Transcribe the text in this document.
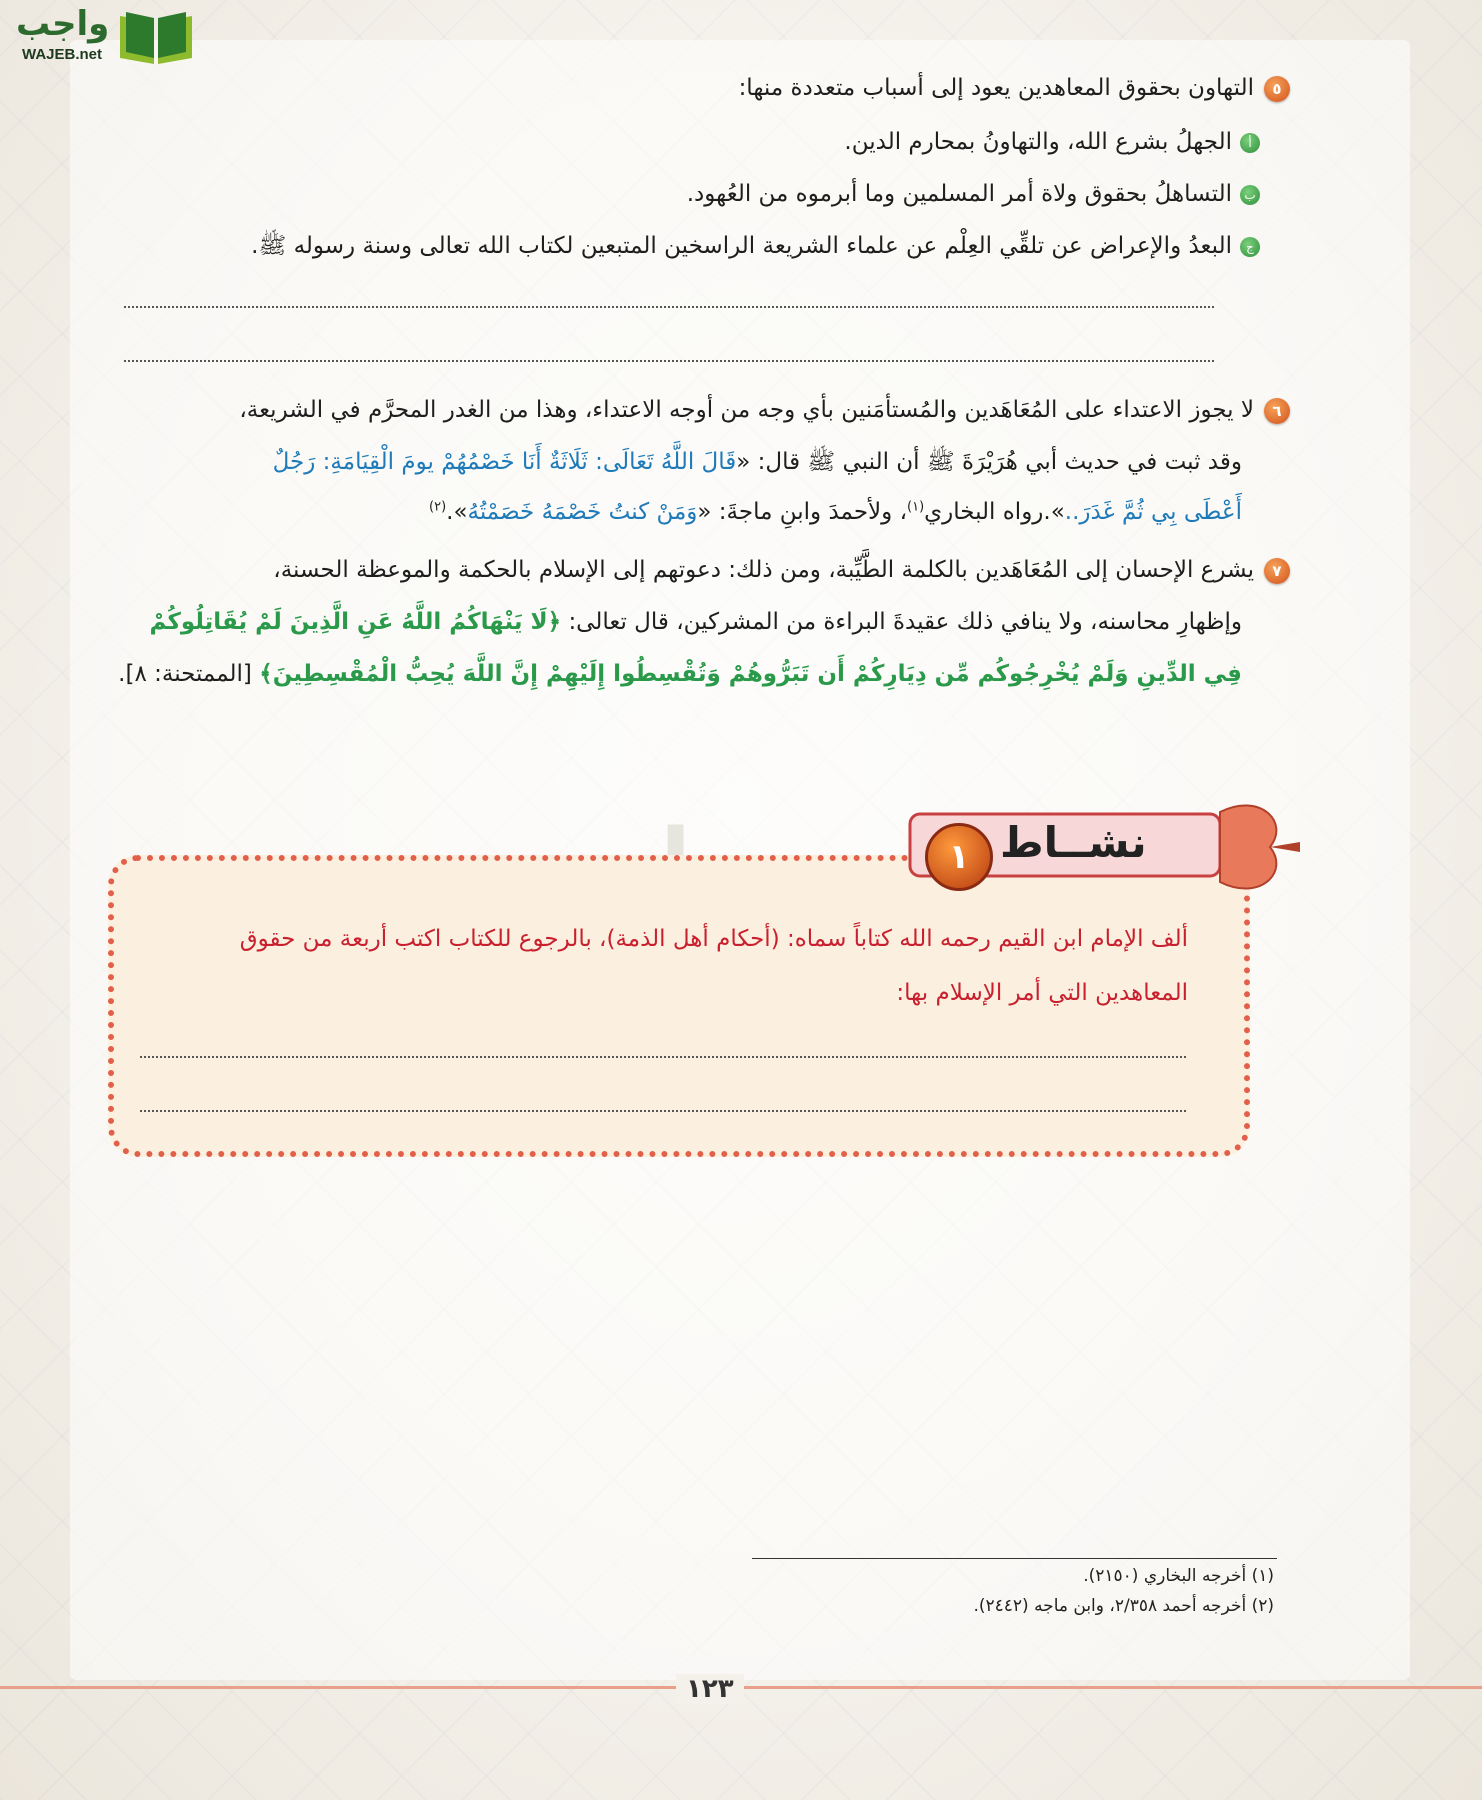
واجب
WAJEB.net
٥التهاون بحقوق المعاهدين يعود إلى أسباب متعددة منها:
أالجهلُ بشرع الله، والتهاونُ بمحارم الدين.
بالتساهلُ بحقوق ولاة أمر المسلمين وما أبرموه من العُهود.
جالبعدُ والإعراض عن تلقِّي العِلْم عن علماء الشريعة الراسخين المتبعين لكتاب الله تعالى وسنة رسوله ﷺ.
٦لا يجوز الاعتداء على المُعَاهَدين والمُستأمَنين بأي وجه من أوجه الاعتداء، وهذا من الغدر المحرَّم في الشريعة،
وقد ثبت في حديث أبي هُرَيْرَةَ ﷺ أن النبي ﷺ قال: «قَالَ اللَّهُ تَعَالَى: ثَلَاثَةٌ أَنَا خَصْمُهُمْ يومَ الْقِيَامَةِ: رَجُلٌ
أَعْطَى بِي ثُمَّ غَدَرَ..».رواه البخاري$^{(١)}$، ولأحمدَ وابنِ ماجةَ: «وَمَنْ كنتُ خَصْمَهُ خَصَمْتُهُ».$^{(٢)}$
٧يشرع الإحسان إلى المُعَاهَدين بالكلمة الطَّيِّبة، ومن ذلك: دعوتهم إلى الإسلام بالحكمة والموعظة الحسنة،
وإظهارِ محاسنه، ولا ينافي ذلك عقيدةَ البراءة من المشركين، قال تعالى: ﴿لَا يَنْهَاكُمُ اللَّهُ عَنِ الَّذِينَ لَمْ يُقَاتِلُوكُمْ
فِي الدِّينِ وَلَمْ يُخْرِجُوكُم مِّن دِيَارِكُمْ أَن تَبَرُّوهُمْ وَتُقْسِطُوا إِلَيْهِمْ إِنَّ اللَّهَ يُحِبُّ الْمُقْسِطِينَ﴾ [الممتحنة: ٨].
نشــاط
١
ألف الإمام ابن القيم رحمه الله كتاباً سماه: (أحكام أهل الذمة)، بالرجوع للكتاب اكتب أربعة من حقوق
المعاهدين التي أمر الإسلام بها:
(١) أخرجه البخاري (٢١٥٠).
(٢) أخرجه أحمد ٢/٣٥٨، وابن ماجه (٢٤٤٢).
١٢٣
